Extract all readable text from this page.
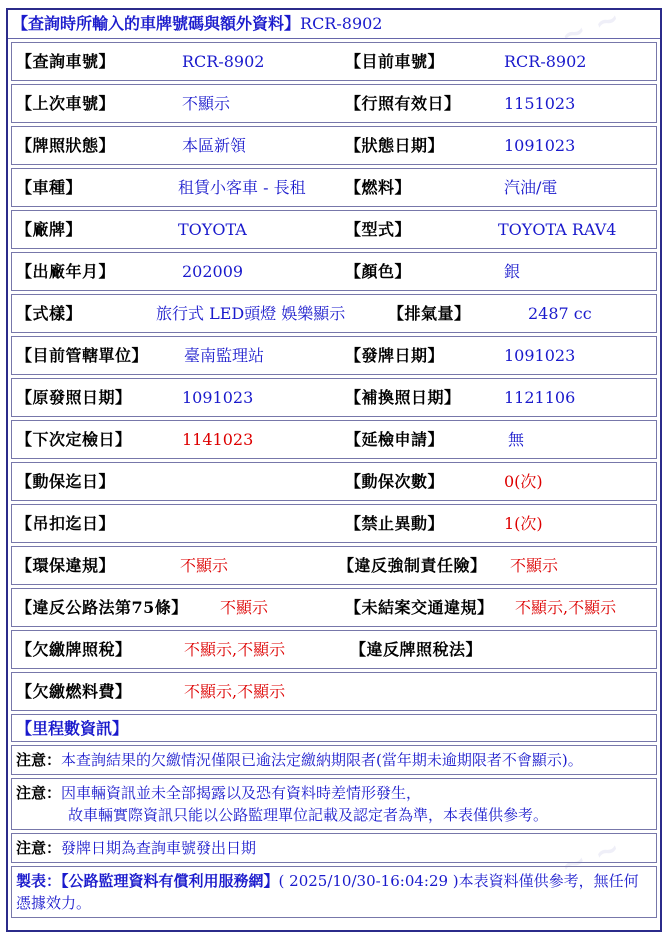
【查詢時所輸入的車牌號碼與額外資料】RCR-8902
【查詢車號】	RCR-8902	【目前車號】	RCR-8902
【上次車號】	不顯示	【行照有效日】	1151023
【牌照狀態】	本區新領	【狀態日期】	1091023
【車種】	租賃小客車 - 長租 【燃料】	汽油/電
【廠牌】	TOYOTA	【型式】	TOYOTA RAV4
【出廠年月】	202009	【顏色】	銀
【式樣】	旅行式 LED頭燈 娛樂顯示	【排氣量】	2487 cc
【目前管轄單位】 臺南監理站	【發牌日期】	1091023
【原發照日期】	1091023	【補換照日期】	1121106
【下次定檢日】	1141023	【延檢申請】	無
【動保迄日】	【動保次數】	0(次)
【吊扣迄日】	【禁止異動】	1(次)
【環保違規】	不顯示	【違反強制責任險】 不顯示
【違反公路法第75條】 不顯示	【未結案交通違規】 不顯示,不顯示
【欠繳牌照稅】	不顯示,不顯示	【違反牌照稅法】
【欠繳燃料費】	不顯示,不顯示
【里程數資訊】
注意：本查詢結果的欠繳情況僅限已逾法定繳納期限者(當年期未逾期限者不會顯示)。
注意：因車輛資訊並未全部揭露以及恐有資料時差情形發生，
故車輛實際資訊只能以公路監理單位記載及認定者為準，本表僅供參考。
注意：發牌日期為查詢車號發出日期
製表：【公路監理資料有償利用服務網】( 2025/10/30-16:04:29 )本表資料僅供參考，無任何憑據效力。
